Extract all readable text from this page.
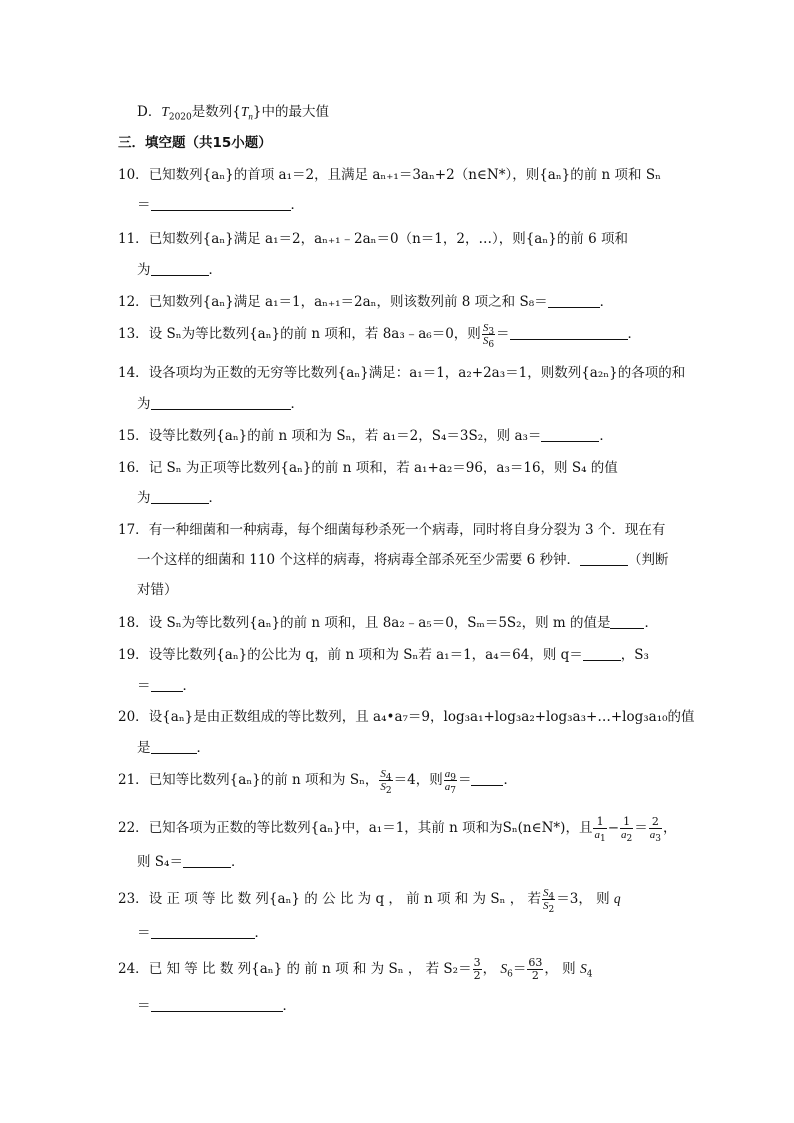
D．$T_{2020}$是数列$\{T_n\}$中的最大值
三．填空题（共15小题）
10．已知数列{aₙ}的首项 a₁＝2，且满足 aₙ₊₁＝3aₙ+2（n∈N*），则{aₙ}的前 n 项和 Sₙ
＝	．
11．已知数列{aₙ}满足 a₁＝2，aₙ₊₁﹣2aₙ＝0（n＝1，2，…），则{aₙ}的前 6 项和
为	．
12．已知数列{aₙ}满足 a₁＝1，aₙ₊₁＝2aₙ，则该数列前 8 项之和 S₈＝	．
13．设 Sₙ为等比数列{aₙ}的前 n 项和，若 8a₃﹣a₆＝0，则 $\frac{S_3}{S_6}$ ＝	．
14．设各项均为正数的无穷等比数列{aₙ}满足：a₁＝1，a₂+2a₃＝1，则数列{a₂ₙ}的各项的和
为	．
15．设等比数列{aₙ}的前 n 项和为 Sₙ，若 a₁＝2，S₄＝3S₂，则 a₃＝	．
16．记 Sₙ 为正项等比数列{aₙ}的前 n 项和，若 a₁+a₂＝96，a₃＝16，则 S₄ 的值
为	．
17．有一种细菌和一种病毒，每个细菌每秒杀死一个病毒，同时将自身分裂为 3 个．现在有
一个这样的细菌和 110 个这样的病毒，将病毒全部杀死至少需要 6 秒钟．	（判断
对错）
18．设 Sₙ为等比数列{aₙ}的前 n 项和，且 8a₂﹣a₅＝0，Sₘ＝5S₂，则 m 的值是	．
19．设等比数列{aₙ}的公比为 q，前 n 项和为 Sₙ若 a₁＝1，a₄＝64，则 q＝	，S₃
＝ ．
20．设{aₙ}是由正数组成的等比数列，且 a₄•a₇＝9，log₃a₁+log₃a₂+log₃a₃+…+log₃a₁₀的值
是	．
21．已知等比数列{aₙ}的前 n 项和为 Sₙ， $\frac{S_4}{S_2} =4$，则 $\frac{a_9}{a_7}$ ＝ ．
22．已知各项为正数的等比数列{aₙ}中，a₁＝1，其前 n 项和为Sₙ(n∈N*)，且 $\frac{1}{a_1} - \frac{1}{a_2} = \frac{2}{a_3}$ ，
则 S₄＝	．
23．设 正 项 等 比 数 列{aₙ} 的 公 比 为 q ， 前 n 项 和 为 Sₙ ， 若 $\frac{S_4}{S_2} =3$， 则 q
＝	．
24．已 知 等 比 数 列{aₙ} 的 前 n 项 和 为 Sₙ ， 若 $S_2= \frac{3}{2}$ ， $S_6= \frac{63}{2}$ ， 则 $S_4$
＝	．
